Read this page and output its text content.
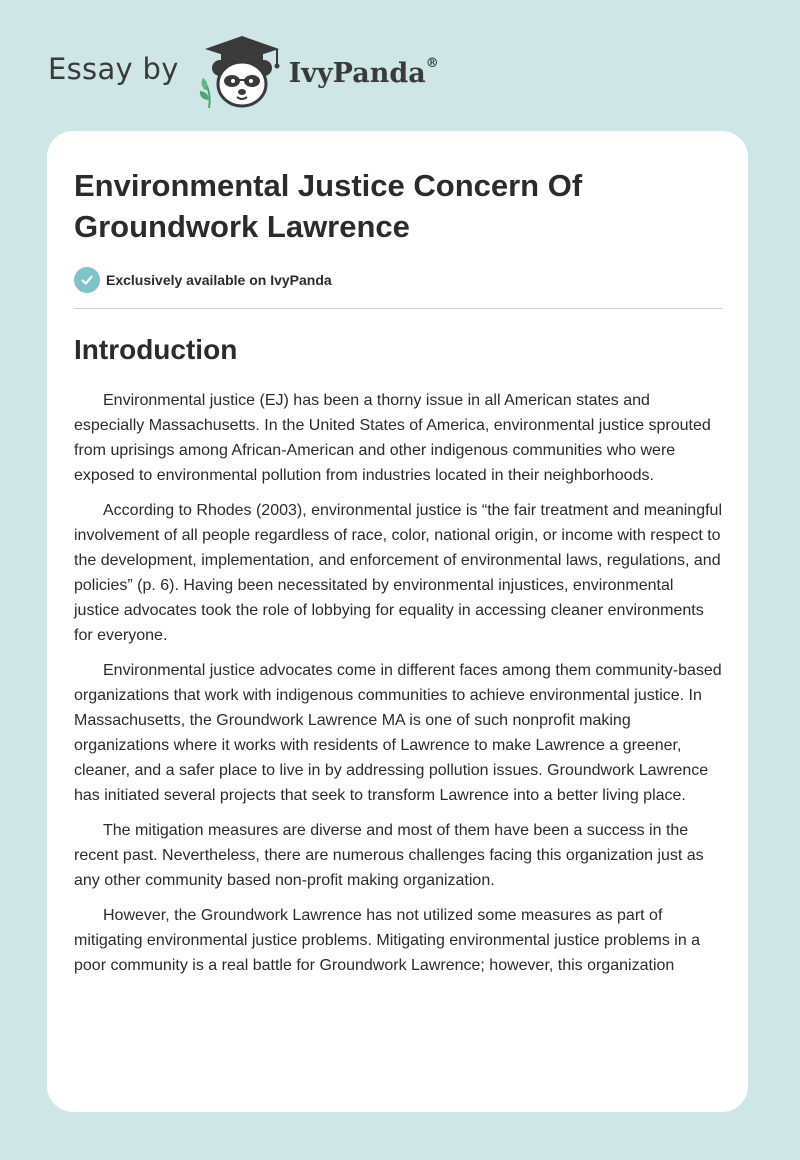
Essay by	IvyPanda®
Environmental Justice Concern Of Groundwork Lawrence
Exclusively available on IvyPanda
Introduction

Environmental justice (EJ) has been a thorny issue in all American states and especially Massachusetts. In the United States of America, environmental justice sprouted from uprisings among African-American and other indigenous communities who were exposed to environmental pollution from industries located in their neighborhoods.

According to Rhodes (2003), environmental justice is “the fair treatment and meaningful involvement of all people regardless of race, color, national origin, or income with respect to the development, implementation, and enforcement of environmental laws, regulations, and policies” (p. 6). Having been necessitated by environmental injustices, environmental justice advocates took the role of lobbying for equality in accessing cleaner environments for everyone.

Environmental justice advocates come in different faces among them community-based organizations that work with indigenous communities to achieve environmental justice. In Massachusetts, the Groundwork Lawrence MA is one of such nonprofit making organizations where it works with residents of Lawrence to make Lawrence a greener, cleaner, and a safer place to live in by addressing pollution issues. Groundwork Lawrence has initiated several projects that seek to transform Lawrence into a better living place.

The mitigation measures are diverse and most of them have been a success in the recent past. Nevertheless, there are numerous challenges facing this organization just as any other community based non-profit making organization.

However, the Groundwork Lawrence has not utilized some measures as part of mitigating environmental justice problems. Mitigating environmental justice problems in a poor community is a real battle for Groundwork Lawrence; however, this organization
